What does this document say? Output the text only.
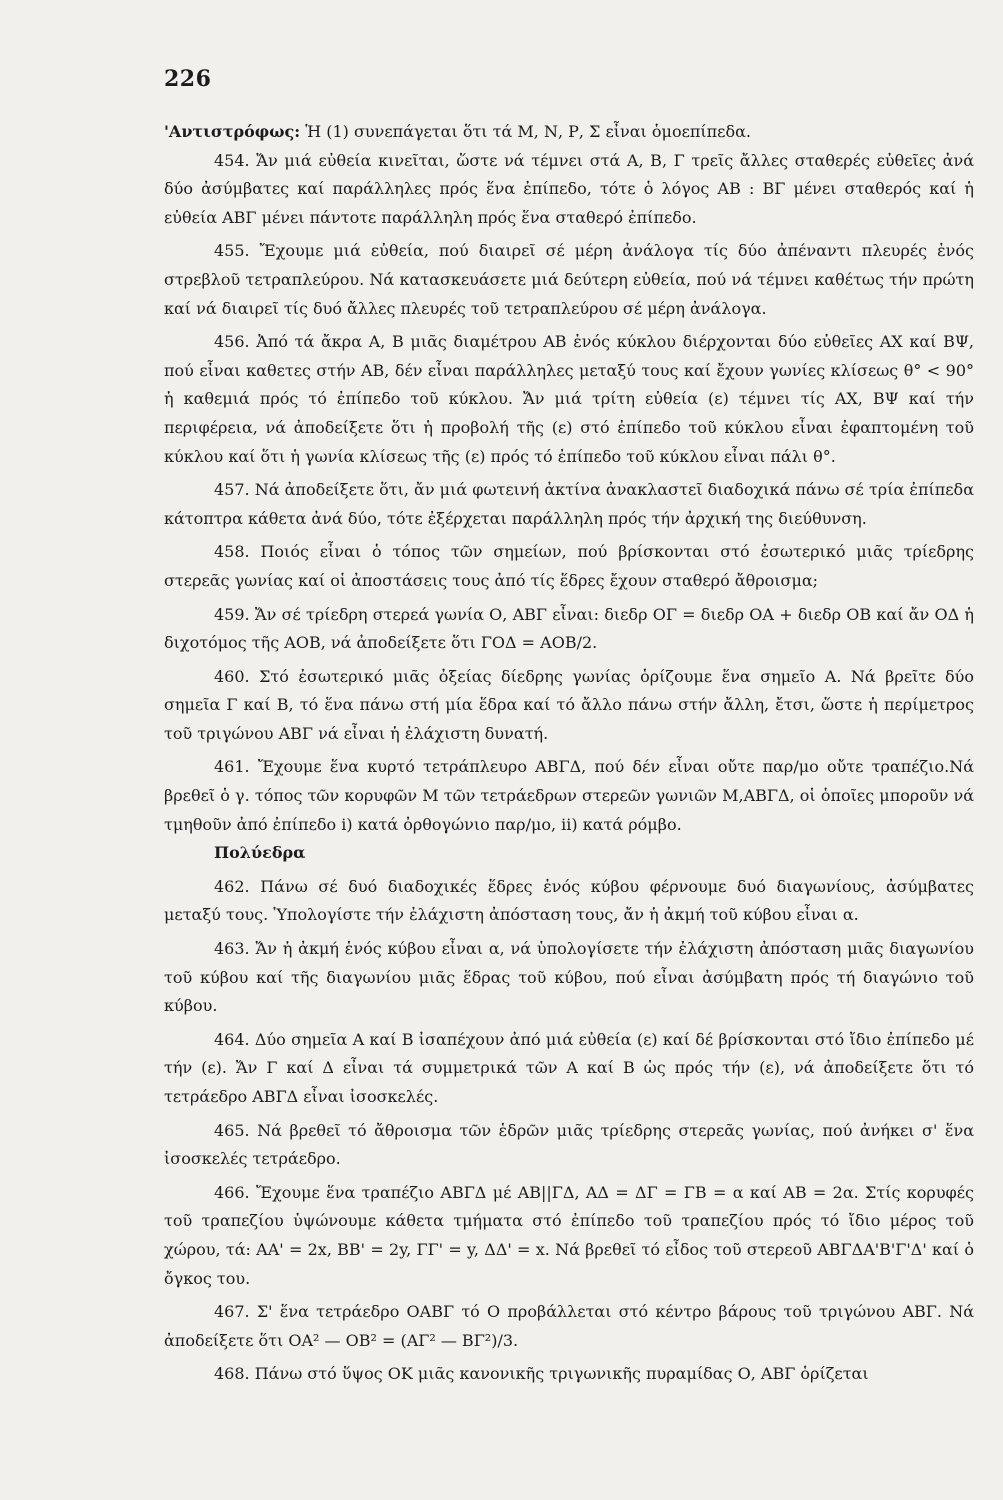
226

'Αντιστρόφως: Ἡ (1) συνεπάγεται ὅτι τά Μ, Ν, Ρ, Σ εἶναι ὁμοεπίπεδα.

454. Ἄν μιά εὐθεία κινεῖται, ὥστε νά τέμνει στά Α, Β, Γ τρεῖς ἄλλες σταθερές εὐθεῖες ἀνά δύο ἀσύμβατες καί παράλληλες πρός ἕνα ἐπίπεδο, τότε ὁ λόγος ΑΒ : ΒΓ μένει σταθερός καί ἡ εὐθεία ΑΒΓ μένει πάντοτε παράλληλη πρός ἕνα σταθερό ἐπίπεδο.

455. Ἔχουμε μιά εὐθεία, πού διαιρεῖ σέ μέρη ἀνάλογα τίς δύο ἀπέναντι πλευρές ἑνός στρεβλοῦ τετραπλεύρου. Νά κατασκευάσετε μιά δεύτερη εὐθεία, πού νά τέμνει καθέτως τήν πρώτη καί νά διαιρεῖ τίς δυό ἄλλες πλευρές τοῦ τετραπλεύρου σέ μέρη ἀνάλογα.

456. Ἀπό τά ἄκρα Α, Β μιᾶς διαμέτρου ΑΒ ἑνός κύκλου διέρχονται δύο εὐθεῖες ΑΧ καί ΒΨ, πού εἶναι καθετες στήν ΑΒ, δέν εἶναι παράλληλες μεταξύ τους καί ἔχουν γωνίες κλίσεως θ° < 90° ἡ καθεμιά πρός τό ἐπίπεδο τοῦ κύκλου. Ἄν μιά τρίτη εὐθεία (ε) τέμνει τίς ΑΧ, ΒΨ καί τήν περιφέρεια, νά ἀποδείξετε ὅτι ἡ προβολή τῆς (ε) στό ἐπίπεδο τοῦ κύκλου εἶναι ἐφαπτομένη τοῦ κύκλου καί ὅτι ἡ γωνία κλίσεως τῆς (ε) πρός τό ἐπίπεδο τοῦ κύκλου εἶναι πάλι θ°.

457. Νά ἀποδείξετε ὅτι, ἄν μιά φωτεινή ἀκτίνα ἀνακλαστεῖ διαδοχικά πάνω σέ τρία ἐπίπεδα κάτοπτρα κάθετα ἀνά δύο, τότε ἐξέρχεται παράλληλη πρός τήν ἀρχική της διεύθυνση.

458. Ποιός εἶναι ὁ τόπος τῶν σημείων, πού βρίσκονται στό ἐσωτερικό μιᾶς τρίεδρης στερεᾶς γωνίας καί οἱ ἀποστάσεις τους ἀπό τίς ἕδρες ἔχουν σταθερό ἄθροισμα;

459. Ἄν σέ τρίεδρη στερεά γωνία Ο, ΑΒΓ εἶναι: διεδρ ΟΓ = διεδρ ΟΑ + διεδρ ΟΒ καί ἄν ΟΔ ἡ διχοτόμος τῆς ΑΟΒ, νά ἀποδείξετε ὅτι ΓΟΔ = ΑΟΒ/2.

460. Στό ἐσωτερικό μιᾶς ὀξείας δίεδρης γωνίας ὁρίζουμε ἕνα σημεῖο Α. Νά βρεῖτε δύο σημεῖα Γ καί Β, τό ἕνα πάνω στή μία ἕδρα καί τό ἄλλο πάνω στήν ἄλλη, ἔτσι, ὥστε ἡ περίμετρος τοῦ τριγώνου ΑΒΓ νά εἶναι ἡ ἐλάχιστη δυνατή.

461. Ἔχουμε ἕνα κυρτό τετράπλευρο ΑΒΓΔ, πού δέν εἶναι οὔτε παρ/μο οὔτε τραπέζιο.Νά βρεθεῖ ὁ γ. τόπος τῶν κορυφῶν Μ τῶν τετράεδρων στερεῶν γωνιῶν Μ,ΑΒΓΔ, οἱ ὁποῖες μποροῦν νά τμηθοῦν ἀπό ἐπίπεδο i) κατά ὀρθογώνιο παρ/μο, ii) κατά ρόμβο.

Πολύεδρα

462. Πάνω σέ δυό διαδοχικές ἕδρες ἑνός κύβου φέρνουμε δυό διαγωνίους, ἀσύμβατες μεταξύ τους. Ὑπολογίστε τήν ἐλάχιστη ἀπόσταση τους, ἄν ἡ ἀκμή τοῦ κύβου εἶναι α.

463. Ἄν ἡ ἀκμή ἑνός κύβου εἶναι α, νά ὑπολογίσετε τήν ἐλάχιστη ἀπόσταση μιᾶς διαγωνίου τοῦ κύβου καί τῆς διαγωνίου μιᾶς ἕδρας τοῦ κύβου, πού εἶναι ἀσύμβατη πρός τή διαγώνιο τοῦ κύβου.

464. Δύο σημεῖα Α καί Β ἰσαπέχουν ἀπό μιά εὐθεία (ε) καί δέ βρίσκονται στό ἴδιο ἐπίπεδο μέ τήν (ε). Ἄν Γ καί Δ εἶναι τά συμμετρικά τῶν Α καί Β ὡς πρός τήν (ε), νά ἀποδείξετε ὅτι τό τετράεδρο ΑΒΓΔ εἶναι ἰσοσκελές.

465. Νά βρεθεῖ τό ἄθροισμα τῶν ἑδρῶν μιᾶς τρίεδρης στερεᾶς γωνίας, πού ἀνήκει σ' ἕνα ἰσοσκελές τετράεδρο.

466. Ἔχουμε ἕνα τραπέζιο ΑΒΓΔ μέ ΑΒ||ΓΔ, ΑΔ = ΔΓ = ΓΒ = α καί ΑΒ = 2α. Στίς κορυφές τοῦ τραπεζίου ὑψώνουμε κάθετα τμήματα στό ἐπίπεδο τοῦ τραπεζίου πρός τό ἴδιο μέρος τοῦ χώρου, τά: ΑΑ' = 2x, ΒΒ' = 2y, ΓΓ' = y, ΔΔ' = x. Νά βρεθεῖ τό εἶδος τοῦ στερεοῦ ΑΒΓΔΑ'Β'Γ'Δ' καί ὁ ὄγκος του.

467. Σ' ἕνα τετράεδρο ΟΑΒΓ τό Ο προβάλλεται στό κέντρο βάρους τοῦ τριγώνου ΑΒΓ. Νά ἀποδείξετε ὅτι ΟΑ² — ΟΒ² = (ΑΓ² — ΒΓ²)/3.

468. Πάνω στό ὕψος ΟΚ μιᾶς κανονικῆς τριγωνικῆς πυραμίδας Ο, ΑΒΓ ὁρίζεται
